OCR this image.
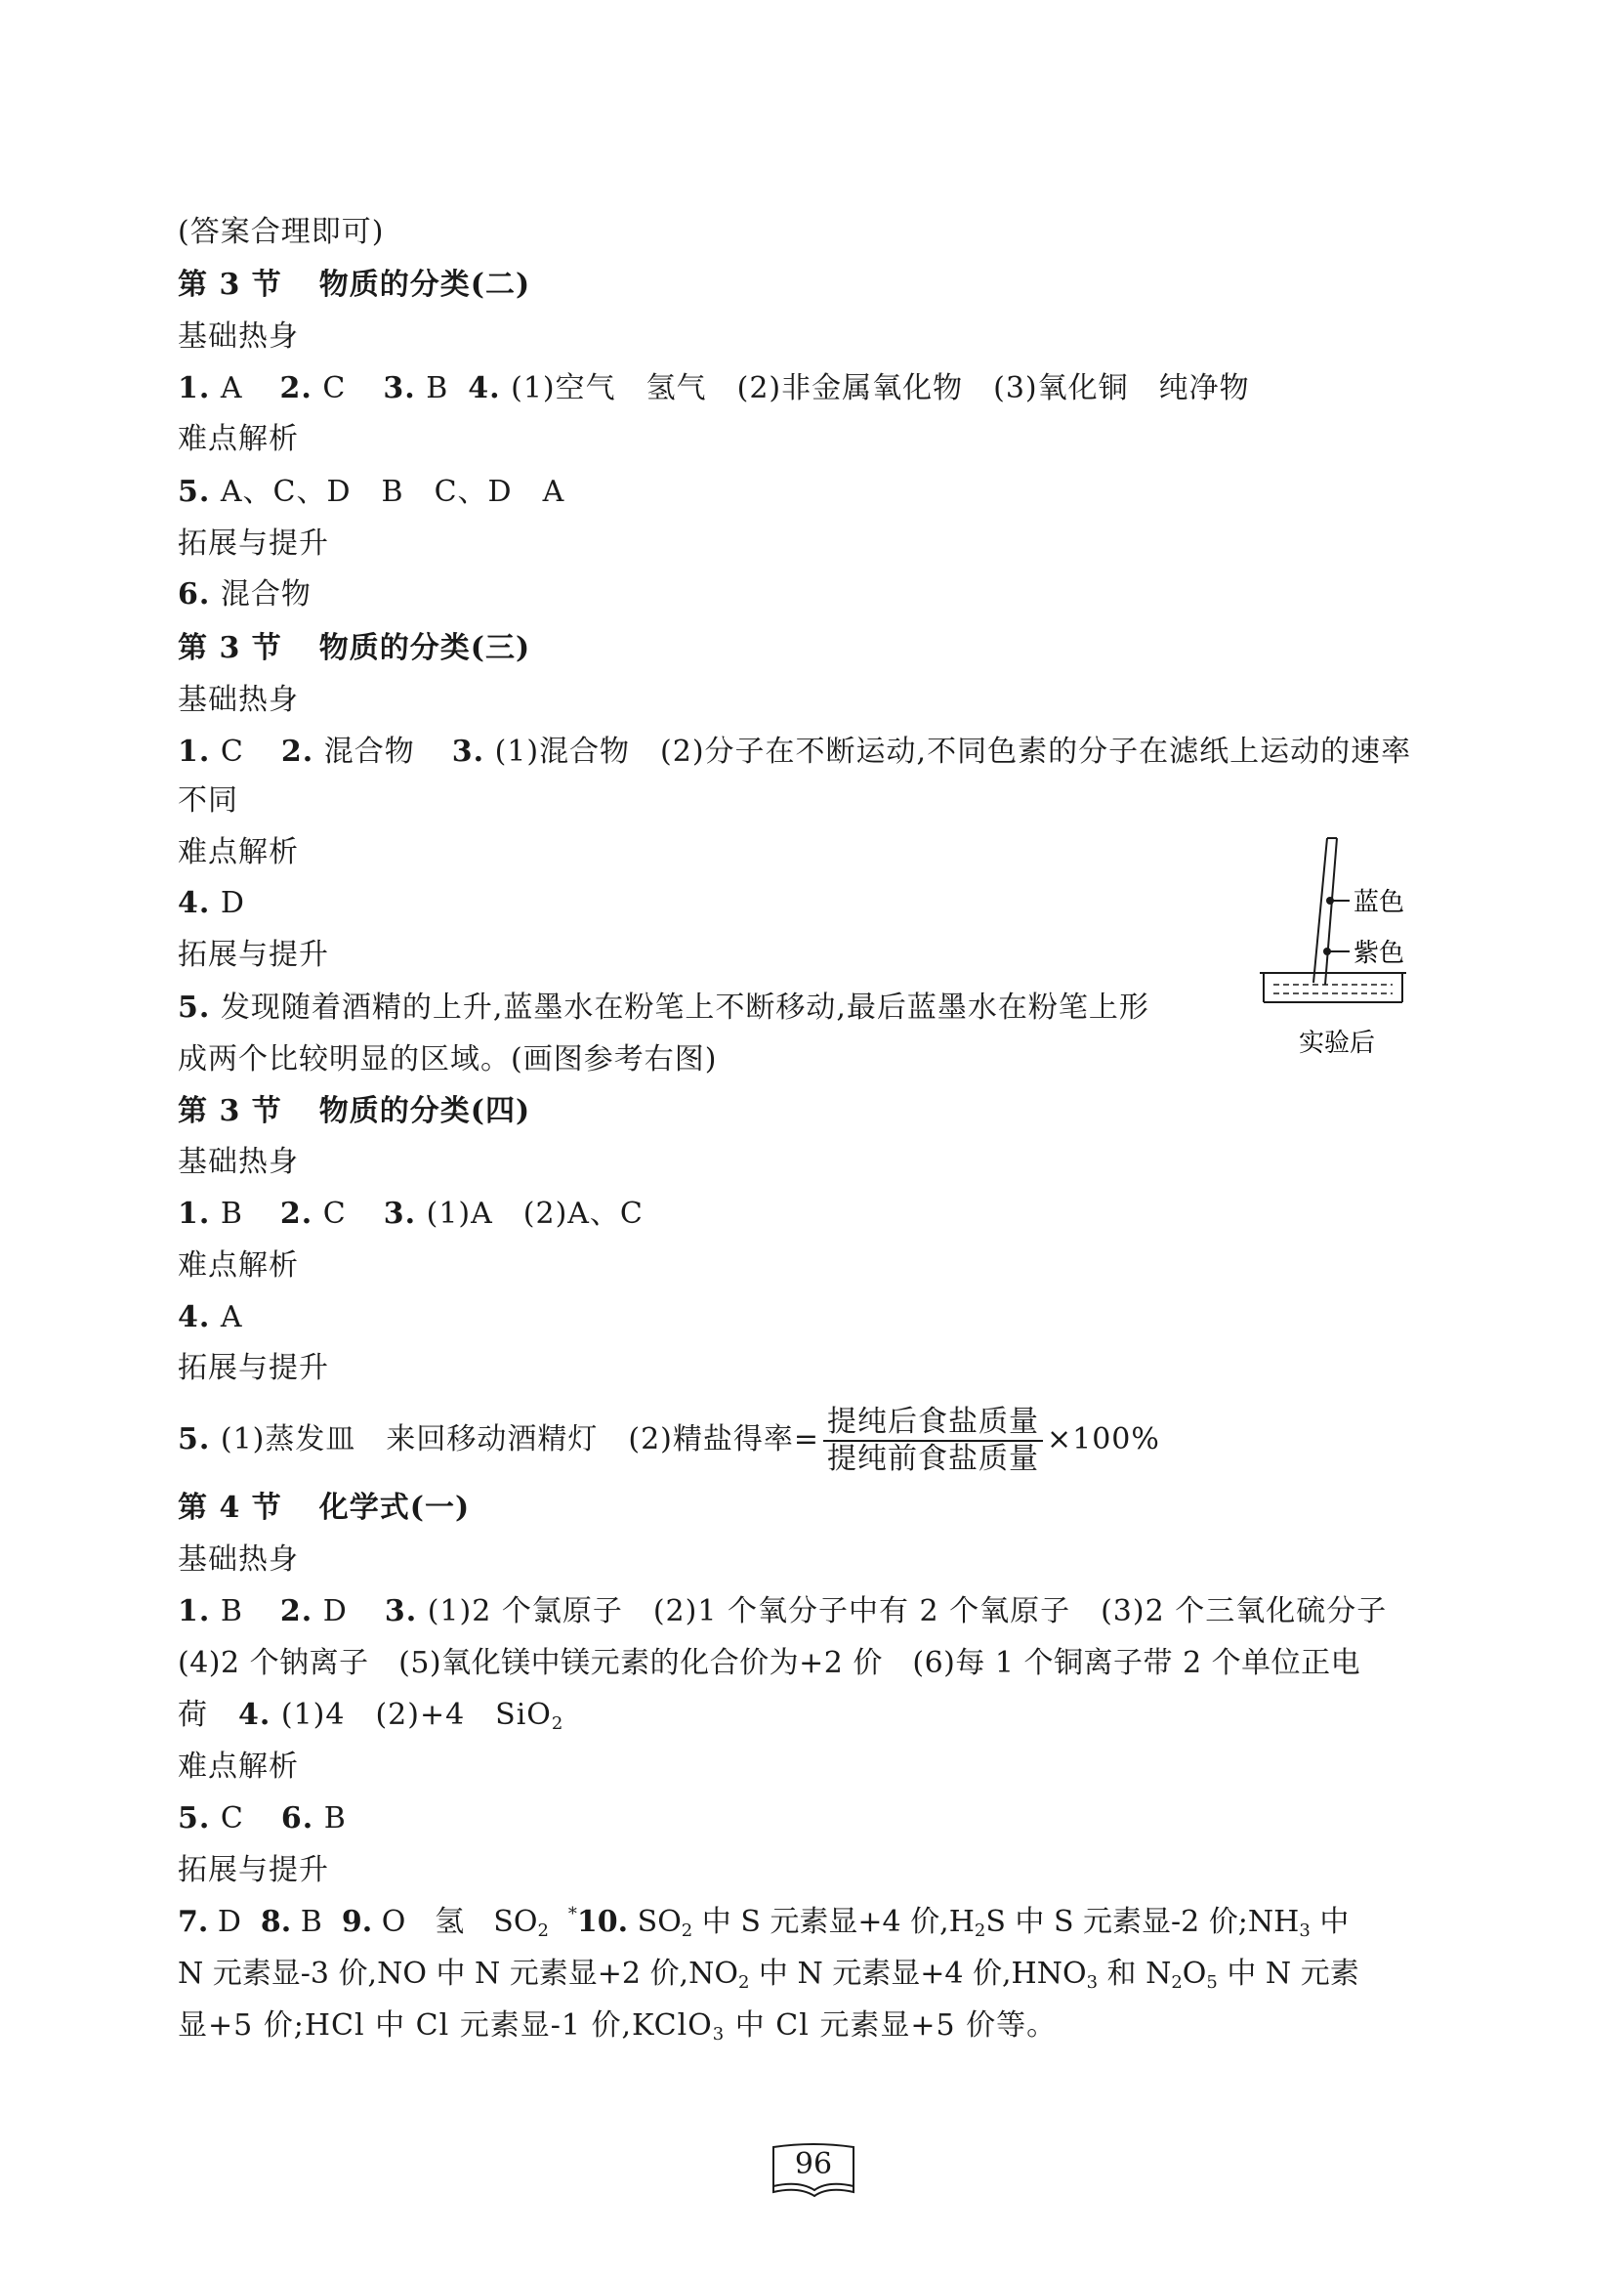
(答案合理即可)
第 3 节 物质的分类(二)
基础热身
1. A 2. C 3. B 4. (1)空气　氢气　(2)非金属氧化物　(3)氧化铜　纯净物
难点解析
5. A、C、D　B　C、D　A
拓展与提升
6. 混合物
第 3 节 物质的分类(三)
基础热身
1. C 2. 混合物 3. (1)混合物　(2)分子在不断运动,不同色素的分子在滤纸上运动的速率
不同
难点解析
4. D
拓展与提升
5. 发现随着酒精的上升,蓝墨水在粉笔上不断移动,最后蓝墨水在粉笔上形
成两个比较明显的区域。(画图参考右图)
蓝色
紫色
实验后
第 3 节 物质的分类(四)
基础热身
1. B 2. C 3. (1)A　(2)A、C
难点解析
4. A
拓展与提升
5. (1)蒸发皿　来回移动酒精灯　(2)精盐得率= $\frac{\text{提纯后食盐质量}}{\text{提纯前食盐质量}} \times 100\%$
第 4 节 化学式(一)
基础热身
1. B 2. D 3. (1)2 个氯原子　(2)1 个氧分子中有 2 个氧原子　(3)2 个三氧化硫分子
(4)2 个钠离子　(5)氧化镁中镁元素的化合价为+2 价　(6)每 1 个铜离子带 2 个单位正电
荷　4. (1)4　(2)+4　SiO$_2$
难点解析
5. C 6. B
拓展与提升
7. D 8. B 9. O　氢　$SO_2^*10$. $SO_2$ 中 S 元素显+4 价$,H_2S$ 中 S 元素显-2 价$;NH_3$ 中
N 元素显-3 价,NO 中 N 元素显+2 价$,NO_2$ 中 N 元素显+4 价$,HNO_3$ 和 $N_2O_5$ 中 N 元素
显+5 价;HCl 中 Cl 元素显-1 价,KClO$_3$ 中 Cl 元素显+5 价等。
96
